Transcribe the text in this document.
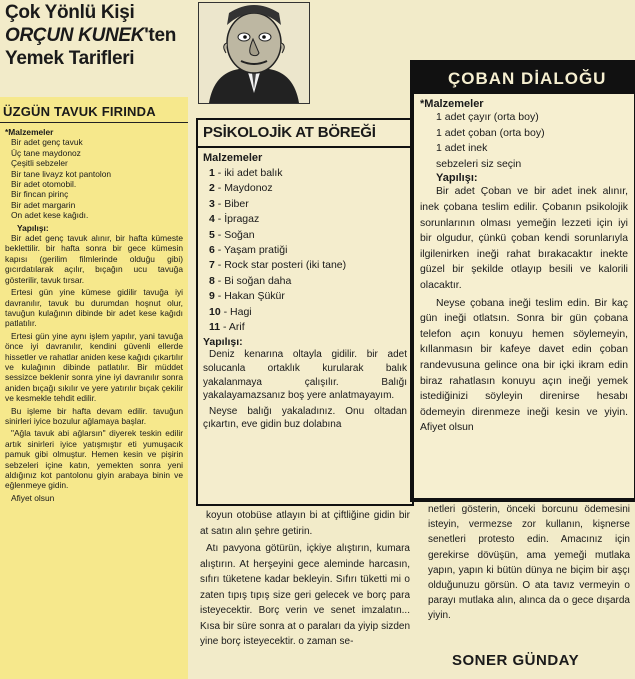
Çok Yönlü Kişi
ORÇUN KUNEK'ten
Yemek Tarifleri
ÜZGÜN TAVUK FIRINDA
*Malzemeler
Bir adet genç tavuk
Üç tane maydonoz
Çeşitli sebzeler
Bir tane livayz kot pantolon
Bir adet otomobil.
Bir fincan pirinç
Bir adet margarin
On adet kese kağıdı.
Yapılışı:

Bir adet genç tavuk alınır, bir hafta kümeste beklettilir. bir hafta sonra bir gece kümesin kapısı (gerilim filmlerinde olduğu gibi) gıcırdatılarak açılır, bıçağın ucu tavuğa gösterilir, tavuk tırsar.

Ertesi gün yine kümese gidilir tavuğa iyi davranılır, tavuk bu durumdan hoşnut olur, tavuğun kulağının dibinde bir adet kese kağıdı patlatılır.

Ertesi gün yine aynı işlem yapılır, yani tavuğa önce iyi davranılır, kendini güvenli ellerde hissetler ve rahatlar aniden kese kağıdı çıkartılır ve kulağının dibinde patlatılır. Bir müddet sessizce beklenir sonra yine iyi davranılır sonra aniden bıçağı sıkılır ve yere yatırılır bıçak çekilir ve kesmekle tehdit edilir.

Bu işleme bir hafta devam edilir. tavuğun sinirleri iyice bozulur ağlamaya başlar.

"Ağla tavuk abi ağlarsın" diyerek teskin edilir artık sinirleri iyice yatışmıştır eti yumuşacık pamuk gibi olmuştur. Hemen kesin ve pişirin sebzeleri içine katın, yemekten sonra yeni aldığınız kot pantolonu giyin arabaya binin ve eğlenmeye gidin.

Afiyet olsun

PSİKOLOJİK AT BÖREĞİ
Malzemeler
1 - iki adet balık
2 - Maydonoz
3 - Biber
4 - İpragaz
5 - Soğan
6 - Yaşam pratiği
7 - Rock star posteri (iki tane)
8 - Bi soğan daha
9 - Hakan Şükür
10 - Hagi
11 - Arif
Yapılışı:

Deniz kenarına oltayla gidilir. bir adet solucanla ortaklık kurularak balık yakalanmaya çalışılır. Balığı yakalayamazsanız boş yere anlatmayayım.

Neyse balığı yakaladınız. Onu oltadan çıkartın, eve gidin buz dolabına

koyun otobüse atlayın bi at çiftliğine gidin bir at satın alın şehre getirin.

Atı pavyona götürün, içkiye alıştırın, kumara alıştırın. At herşeyini gece aleminde harcasın, sıfırı tüketene kadar bekleyin. Sıfırı tüketti mi o zaten tıpış tıpış size geri gelecek ve borç para isteyecektir. Borç verin ve senet imzalatın... Kısa bir süre sonra at o paraları da yiyip sizden yine borç isteyecektir. o zaman se-

ÇOBAN DİALOĞU
*Malzemeler
1 adet çayır (orta boy)
1 adet çoban (orta boy)
1 adet inek
sebzeleri siz seçin
Yapılışı:

Bir adet Çoban ve bir adet inek alınır, inek çobana teslim edilir. Çobanın psikolojik sorunlarının olması yemeğin lezzeti için iyi bir olgudur, çünkü çoban kendi sorunlarıyla ilgilenirken ineği rahat bırakacaktır inekte güzel bir şekilde otlayıp besili ve kalorili olacaktır.

Neyse çobana ineği teslim edin. Bir kaç gün ineği otlatsın. Sonra bir gün çobana telefon açın konuyu hemen söylemeyin, kıllanmasın bir kafeye davet edin çoban randevusuna gelince ona bir içki ikram edin biraz rahatlasın konuyu açın ineği yemek istediğinizi söyleyin direnirse hesabı ödemeyin direnmeze ineği kesin ve yiyin. Afiyet olsun

netleri gösterin, önceki borcunu ödemesini isteyin, vermezse zor kullanın, kişnerse senetleri protesto edin. Amacınız için gerekirse dövüşün, ama yemeği mutlaka yapın, yapın ki bütün dünya ne biçim bir aşçı olduğunuzu görsün. O ata tavız vermeyin o parayı mutlaka alın, alınca da o gece dışarda yiyin.

SONER GÜNDAY
